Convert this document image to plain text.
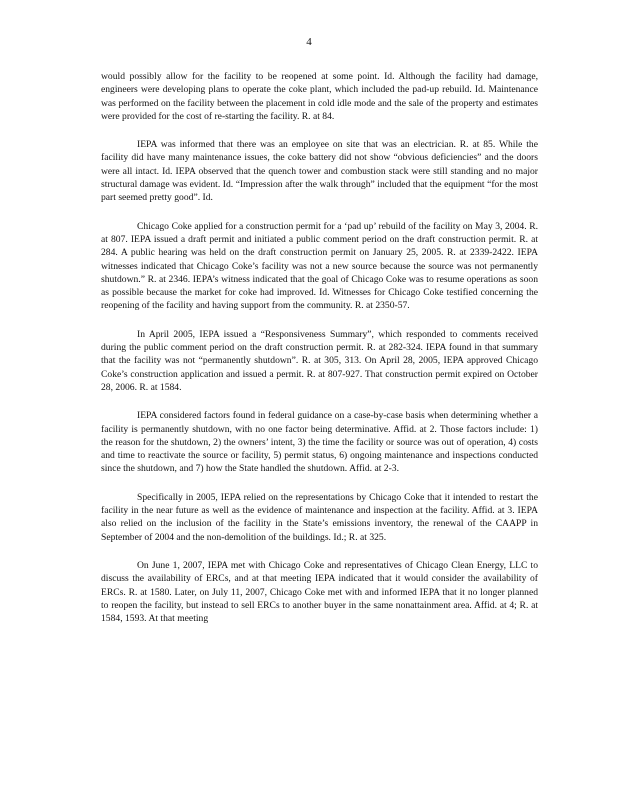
4

would possibly allow for the facility to be reopened at some point. Id. Although the facility had damage, engineers were developing plans to operate the coke plant, which included the pad-up rebuild. Id. Maintenance was performed on the facility between the placement in cold idle mode and the sale of the property and estimates were provided for the cost of re-starting the facility. R. at 84.

IEPA was informed that there was an employee on site that was an electrician. R. at 85. While the facility did have many maintenance issues, the coke battery did not show “obvious deficiencies” and the doors were all intact. Id. IEPA observed that the quench tower and combustion stack were still standing and no major structural damage was evident. Id. “Impression after the walk through” included that the equipment “for the most part seemed pretty good”. Id.

Chicago Coke applied for a construction permit for a ‘pad up’ rebuild of the facility on May 3, 2004. R. at 807. IEPA issued a draft permit and initiated a public comment period on the draft construction permit. R. at 284. A public hearing was held on the draft construction permit on January 25, 2005. R. at 2339-2422. IEPA witnesses indicated that Chicago Coke’s facility was not a new source because the source was not permanently shutdown.” R. at 2346. IEPA’s witness indicated that the goal of Chicago Coke was to resume operations as soon as possible because the market for coke had improved. Id. Witnesses for Chicago Coke testified concerning the reopening of the facility and having support from the community. R. at 2350-57.

In April 2005, IEPA issued a “Responsiveness Summary”, which responded to comments received during the public comment period on the draft construction permit. R. at 282-324. IEPA found in that summary that the facility was not “permanently shutdown”. R. at 305, 313. On April 28, 2005, IEPA approved Chicago Coke’s construction application and issued a permit. R. at 807-927. That construction permit expired on October 28, 2006. R. at 1584.

IEPA considered factors found in federal guidance on a case-by-case basis when determining whether a facility is permanently shutdown, with no one factor being determinative. Affid. at 2. Those factors include: 1) the reason for the shutdown, 2) the owners’ intent, 3) the time the facility or source was out of operation, 4) costs and time to reactivate the source or facility, 5) permit status, 6) ongoing maintenance and inspections conducted since the shutdown, and 7) how the State handled the shutdown. Affid. at 2-3.

Specifically in 2005, IEPA relied on the representations by Chicago Coke that it intended to restart the facility in the near future as well as the evidence of maintenance and inspection at the facility. Affid. at 3. IEPA also relied on the inclusion of the facility in the State’s emissions inventory, the renewal of the CAAPP in September of 2004 and the non-demolition of the buildings. Id.; R. at 325.

On June 1, 2007, IEPA met with Chicago Coke and representatives of Chicago Clean Energy, LLC to discuss the availability of ERCs, and at that meeting IEPA indicated that it would consider the availability of ERCs. R. at 1580. Later, on July 11, 2007, Chicago Coke met with and informed IEPA that it no longer planned to reopen the facility, but instead to sell ERCs to another buyer in the same nonattainment area. Affid. at 4; R. at 1584, 1593. At that meeting
